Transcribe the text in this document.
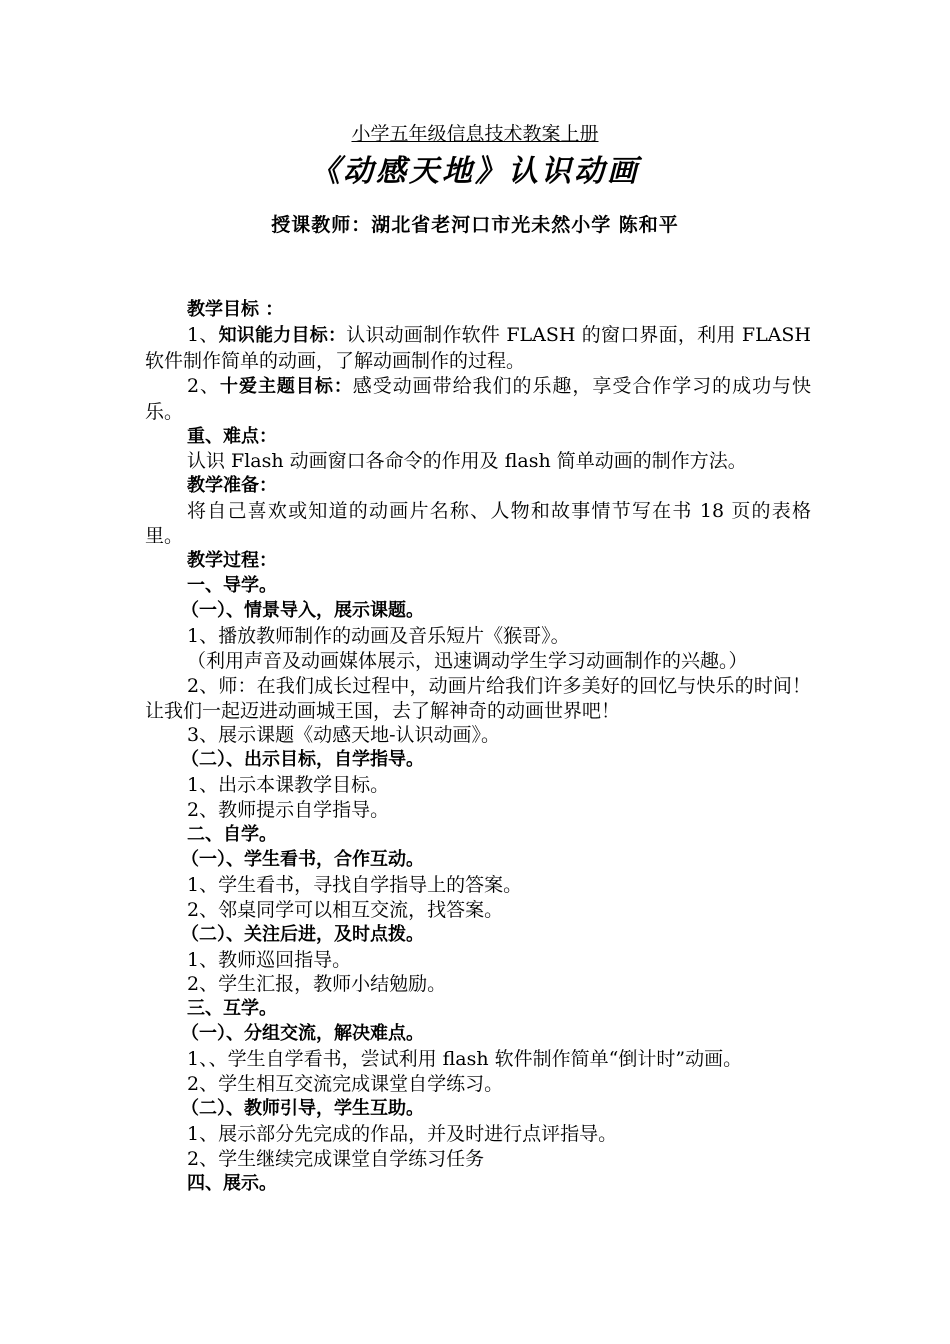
小学五年级信息技术教案上册
《动感天地》认识动画
授课教师：湖北省老河口市光未然小学 陈和平

教学目标 ：

1、知识能力目标：认识动画制作软件 FLASH 的窗口界面，利用 FLASH 软件制作简单的动画，了解动画制作的过程。

2、十爱主题目标：感受动画带给我们的乐趣，享受合作学习的成功与快乐。

重、难点：

认识 Flash 动画窗口各命令的作用及 flash 简单动画的制作方法。

教学准备：

将自己喜欢或知道的动画片名称、人物和故事情节写在书 18 页的表格里。

教学过程：

一、导学。

（一）、情景导入，展示课题。

1、播放教师制作的动画及音乐短片《猴哥》。

（利用声音及动画媒体展示，迅速调动学生学习动画制作的兴趣。）

2、师：在我们成长过程中，动画片给我们许多美好的回忆与快乐的时间！让我们一起迈进动画城王国，去了解神奇的动画世界吧！

3、展示课题《动感天地-认识动画》。

（二）、出示目标，自学指导。

1、出示本课教学目标。

2、教师提示自学指导。

二、自学。

（一）、学生看书，合作互动。

1、学生看书，寻找自学指导上的答案。

2、邻桌同学可以相互交流，找答案。

（二）、关注后进，及时点拨。

1、教师巡回指导。

2、学生汇报，教师小结勉励。

三、互学。

（一）、分组交流，解决难点。

1、、学生自学看书，尝试利用 flash 软件制作简单“倒计时”动画。

2、学生相互交流完成课堂自学练习。

（二）、教师引导，学生互助。

1、展示部分先完成的作品，并及时进行点评指导。

2、学生继续完成课堂自学练习任务

四、展示。
